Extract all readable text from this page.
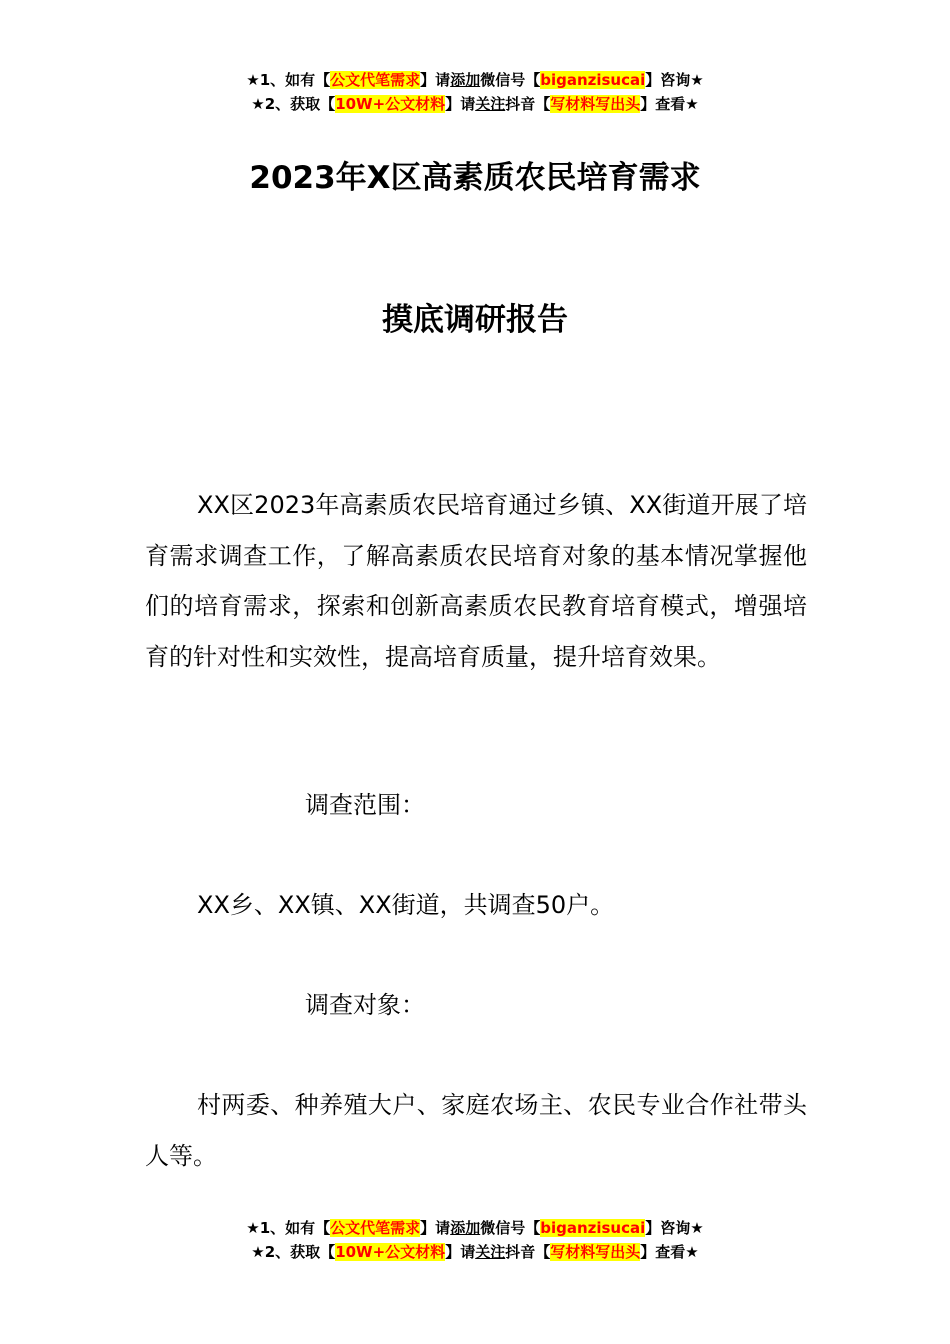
★1、如有【公文代笔需求】请添加微信号【biganzisucai】咨询★
★2、获取【10W+公文材料】请关注抖音【写材料写出头】查看★
2023年X区高素质农民培育需求
摸底调研报告
XX区2023年高素质农民培育通过乡镇、XX街道开展了培育需求调查工作，了解高素质农民培育对象的基本情况掌握他们的培育需求，探索和创新高素质农民教育培育模式，增强培育的针对性和实效性，提高培育质量，提升培育效果。
调查范围：
XX乡、XX镇、XX街道，共调查50户。
调查对象：
村两委、种养殖大户、家庭农场主、农民专业合作社带头人等。
★1、如有【公文代笔需求】请添加微信号【biganzisucai】咨询★
★2、获取【10W+公文材料】请关注抖音【写材料写出头】查看★
